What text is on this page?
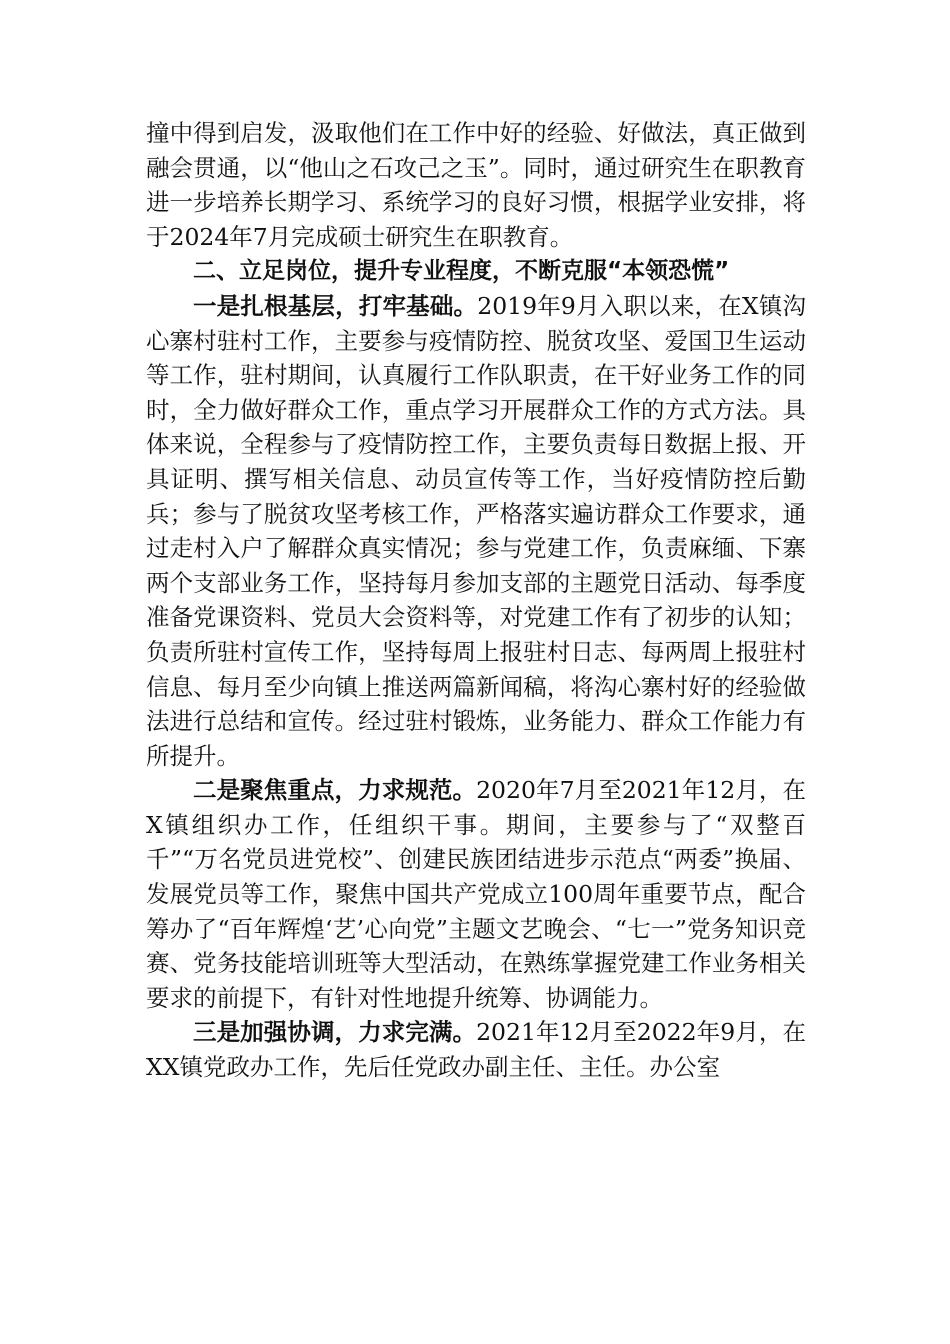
撞中得到启发，汲取他们在工作中好的经验、好做法，真正做到融会贯通，以“他山之石攻己之玉”。同时，通过研究生在职教育进一步培养长期学习、系统学习的良好习惯，根据学业安排，将于2024年7月完成硕士研究生在职教育。

二、立足岗位，提升专业程度，不断克服“本领恐慌”

一是扎根基层，打牢基础。2019年9月入职以来，在X镇沟心寨村驻村工作，主要参与疫情防控、脱贫攻坚、爱国卫生运动等工作，驻村期间，认真履行工作队职责，在干好业务工作的同时，全力做好群众工作，重点学习开展群众工作的方式方法。具体来说，全程参与了疫情防控工作，主要负责每日数据上报、开具证明、撰写相关信息、动员宣传等工作，当好疫情防控后勤兵；参与了脱贫攻坚考核工作，严格落实遍访群众工作要求，通过走村入户了解群众真实情况；参与党建工作，负责麻缅、下寨两个支部业务工作，坚持每月参加支部的主题党日活动、每季度准备党课资料、党员大会资料等，对党建工作有了初步的认知；负责所驻村宣传工作，坚持每周上报驻村日志、每两周上报驻村信息、每月至少向镇上推送两篇新闻稿，将沟心寨村好的经验做法进行总结和宣传。经过驻村锻炼，业务能力、群众工作能力有所提升。

二是聚焦重点，力求规范。2020年7月至2021年12月，在X镇组织办工作，任组织干事。期间，主要参与了“双整百千”“万名党员进党校”、创建民族团结进步示范点“两委”换届、发展党员等工作，聚焦中国共产党成立100周年重要节点，配合筹办了“百年辉煌‘艺’心向党”主题文艺晚会、“七一”党务知识竞赛、党务技能培训班等大型活动，在熟练掌握党建工作业务相关要求的前提下，有针对性地提升统筹、协调能力。

三是加强协调，力求完满。2021年12月至2022年9月，在XX镇党政办工作，先后任党政办副主任、主任。办公室
